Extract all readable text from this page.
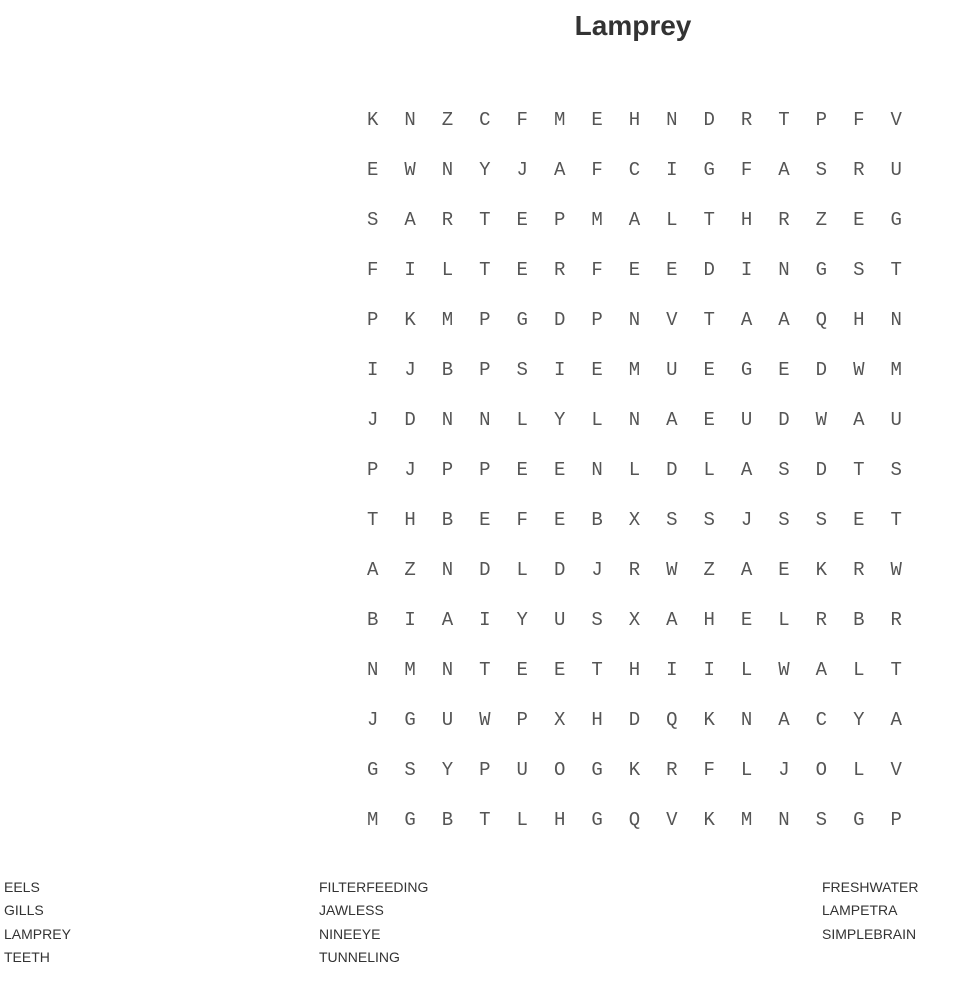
Lamprey
K	N	Z	C	F	M	E	H	N	D	R	T	P	F	V
E	W	N	Y	J	A	F	C	I	G	F	A	S	R	U
S	A	R	T	E	P	M	A	L	T	H	R	Z	E	G
F	I	L	T	E	R	F	E	E	D	I	N	G	S	T
P	K	M	P	G	D	P	N	V	T	A	A	Q	H	N
I	J	B	P	S	I	E	M	U	E	G	E	D	W	M
J	D	N	N	L	Y	L	N	A	E	U	D	W	A	U
P	J	P	P	E	E	N	L	D	L	A	S	D	T	S
T	H	B	E	F	E	B	X	S	S	J	S	S	E	T
A	Z	N	D	L	D	J	R	W	Z	A	E	K	R	W
B	I	A	I	Y	U	S	X	A	H	E	L	R	B	R
N	M	N	T	E	E	T	H	I	I	L	W	A	L	T
J	G	U	W	P	X	H	D	Q	K	N	A	C	Y	A
G	S	Y	P	U	O	G	K	R	F	L	J	O	L	V
M	G	B	T	L	H	G	Q	V	K	M	N	S	G	P
EELS
GILLS
LAMPREY
TEETH
FILTERFEEDING
JAWLESS
NINEEYE
TUNNELING
FRESHWATER
LAMPETRA
SIMPLEBRAIN
